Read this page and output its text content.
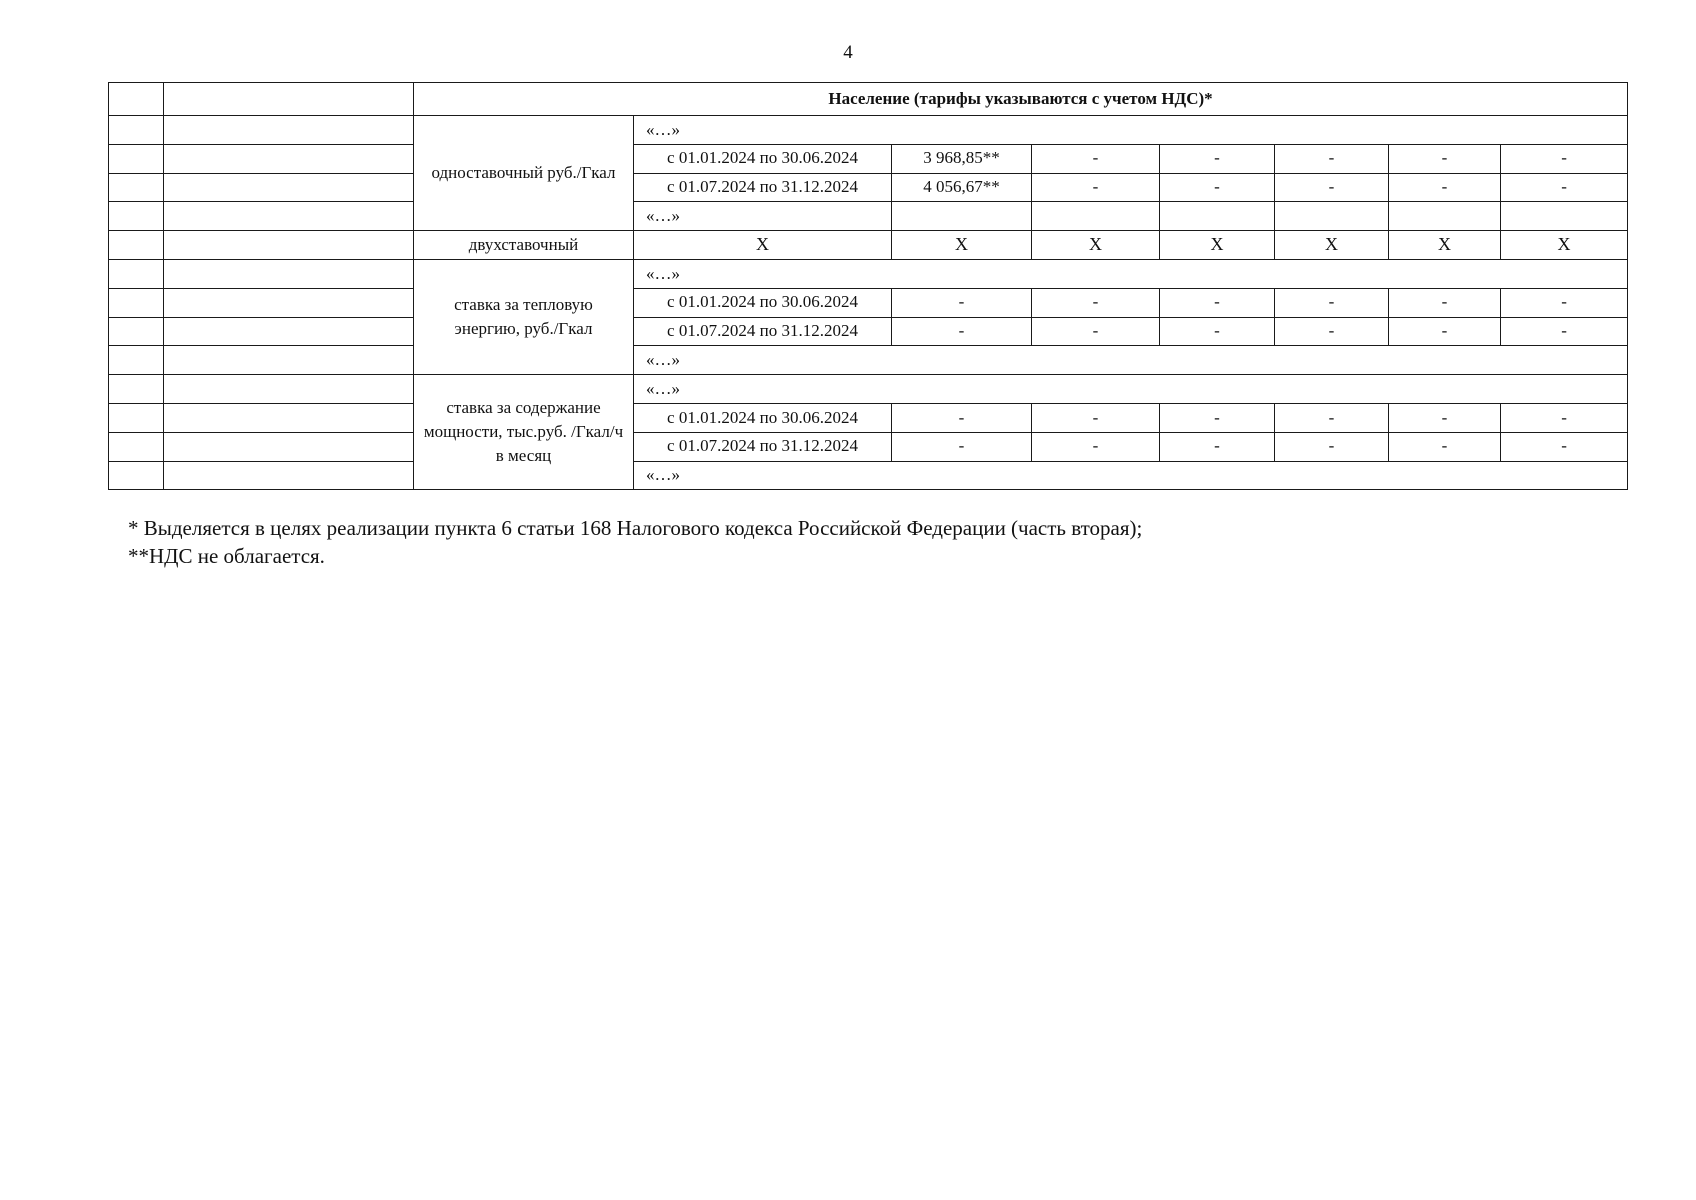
4
		Население (тарифы указываются с учетом НДС)*							
		одноставочный руб./Гкал	«…»						
			с 01.01.2024 по 30.06.2024	3 968,85**	-	-	-	-	-
			с 01.07.2024 по 31.12.2024	4 056,67**	-	-	-	-	-
			«…»						
		двухставочный	X	X	X	X	X	X	X
		ставка за тепловую энергию, руб./Гкал	«…»						
			с 01.01.2024 по 30.06.2024	-	-	-	-	-	-
			с 01.07.2024 по 31.12.2024	-	-	-	-	-	-
			«…»						
		ставка за содержание мощности, тыс.руб. /Гкал/ч в месяц	«…»						
			с 01.01.2024 по 30.06.2024	-	-	-	-	-	-
			с 01.07.2024 по 31.12.2024	-	-	-	-	-	-
			«…»						
* Выделяется в целях реализации пункта 6 статьи 168 Налогового кодекса Российской Федерации (часть вторая);
**НДС не облагается.
